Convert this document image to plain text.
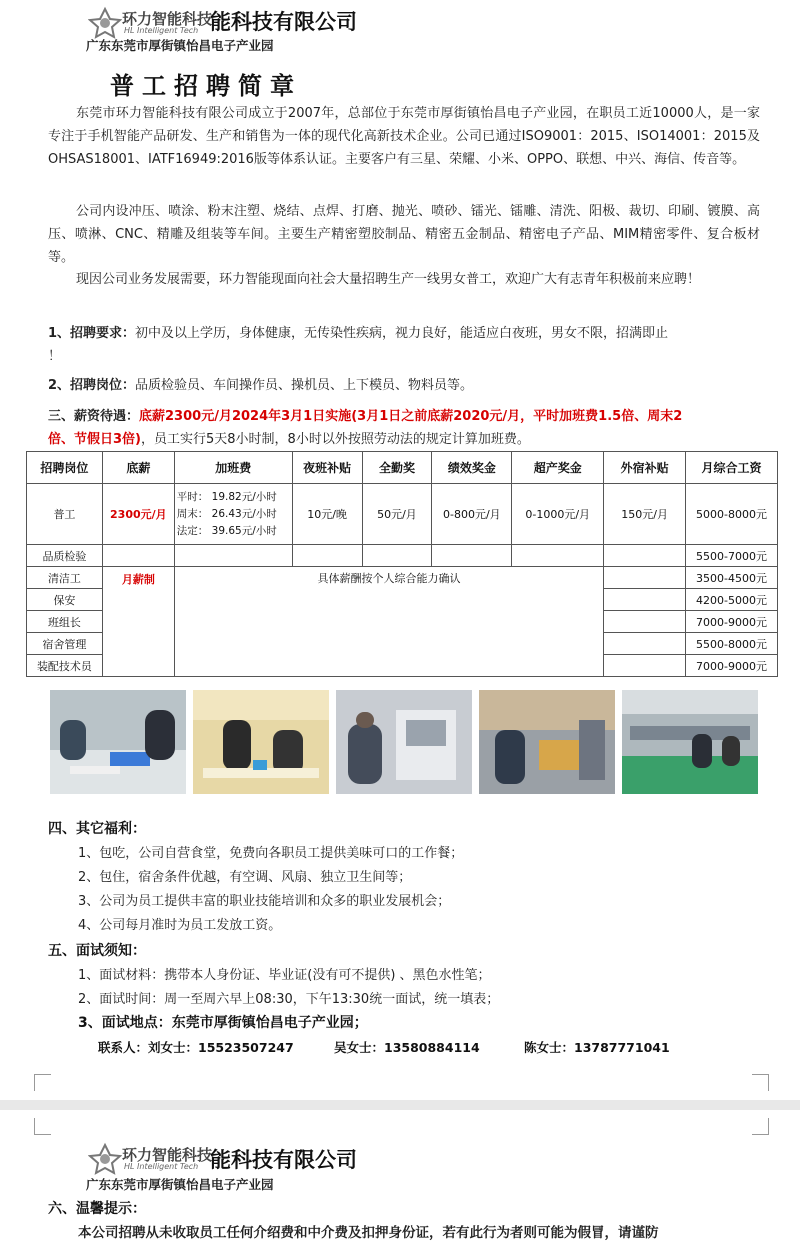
环力智能科技
HL Intelligent Tech 能科技有限公司
广东东莞市厚街镇怡昌电子产业园
普工招聘简章
东莞市环力智能科技有限公司成立于2007年，总部位于东莞市厚街镇怡昌电子产业园，在职员工近10000人，是一家专注于手机智能产品研发、生产和销售为一体的现代化高新技术企业。公司已通过ISO9001：2015、ISO14001：2015及OHSAS18001、IATF16949:2016版等体系认证。主要客户有三星、荣耀、小米、OPPO、联想、中兴、海信、传音等。
公司内设冲压、喷涂、粉末注塑、烧结、点焊、打磨、抛光、喷砂、镭光、镭雕、清洗、阳极、裁切、印刷、镀膜、高压、喷淋、CNC、精雕及组装等车间。主要生产精密塑胶制品、精密五金制品、精密电子产品、MIM精密零件、复合板材等。
现因公司业务发展需要，环力智能现面向社会大量招聘生产一线男女普工，欢迎广大有志青年积极前来应聘！
1、招聘要求：初中及以上学历，身体健康，无传染性疾病，视力良好，能适应白夜班，男女不限，招满即止
！
2、招聘岗位：品质检验员、车间操作员、操机员、上下模员、物料员等。
三、薪资待遇：底薪2300元/月2024年3月1日实施(3月1日之前底薪2020元/月，平时加班费1.5倍、周末2
倍、节假日3倍)，员工实行5天8小时制，8小时以外按照劳动法的规定计算加班费。
招聘岗位	底薪	加班费	夜班补贴	全勤奖	绩效奖金	超产奖金	外宿补贴	月综合工资
普工	2300元/月	平时： 19.82元/小时
周末： 26.43元/小时
法定： 39.65元/小时	10元/晚	50元/月	0-800元/月	0-1000元/月	150元/月	5000-8000元
品质检验								5500-7000元
清洁工	月薪制	具体薪酬按个人综合能力确认						3500-4500元
保安								4200-5000元
班组长								7000-9000元
宿舍管理								5500-8000元
装配技术员								7000-9000元
四、其它福利：
1、包吃，公司自营食堂，免费向各职员工提供美味可口的工作餐；
2、包住，宿舍条件优越，有空调、风扇、独立卫生间等；
3、公司为员工提供丰富的职业技能培训和众多的职业发展机会；
4、公司每月准时为员工发放工资。
五、面试须知：
1、面试材料：携带本人身份证、毕业证(没有可不提供) 、黑色水性笔；
2、面试时间：周一至周六早上08:30，下午13:30统一面试，统一填表；
3、面试地点：东莞市厚街镇怡昌电子产业园；
联系人：刘女士：15523507247	吴女士：13580884114	陈女士：13787771041
环力智能科技
HL Intelligent Tech 能科技有限公司
广东东莞市厚街镇怡昌电子产业园
六、温馨提示：
本公司招聘从未收取员工任何介绍费和中介费及扣押身份证，若有此行为者则可能为假冒，请谨防
